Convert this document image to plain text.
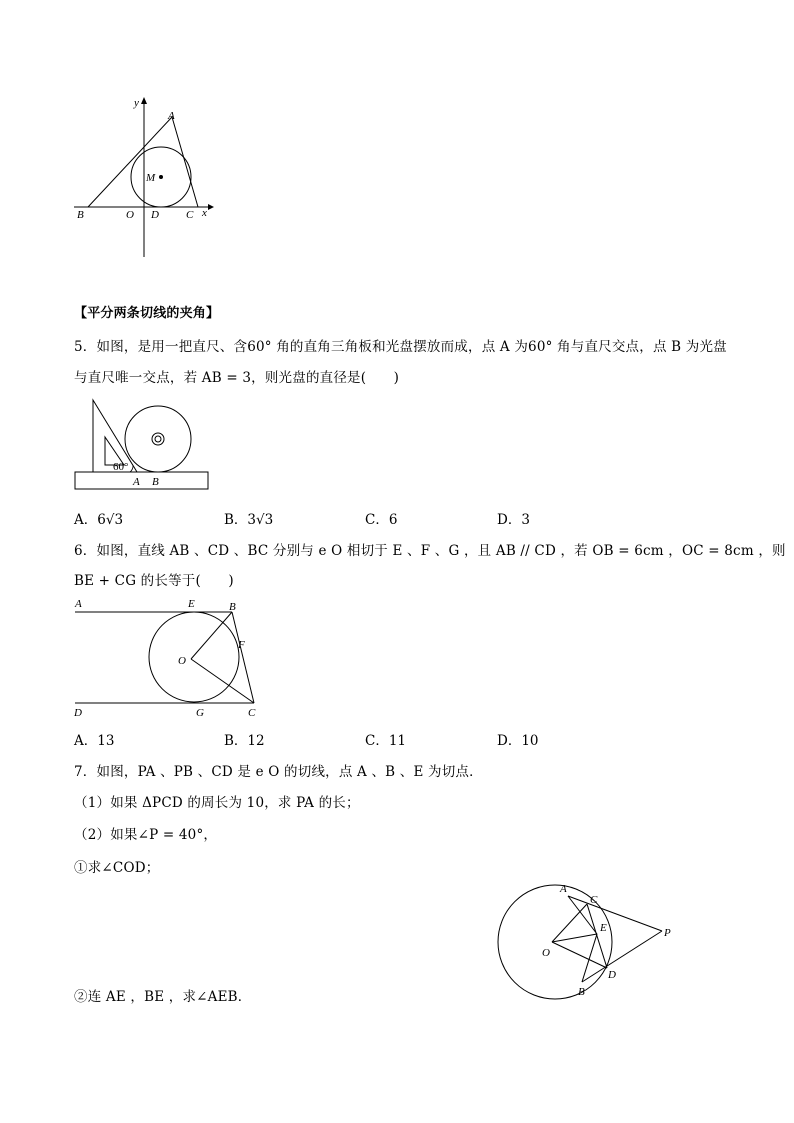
y
A
M
B	O D C x
【平分两条切线的夹角】
5．如图，是用一把直尺、含60° 角的直角三角板和光盘摆放而成，点 A 为60° 角与直尺交点，点 B 为光盘
与直尺唯一交点，若 AB = 3，则光盘的直径是(　　)
60°
A B
A．6√3	B．3√3	C．6	D．3
6．如图，直线 AB 、CD 、BC 分别与 e O 相切于 E 、F 、G ，且 AB // CD ，若 OB = 6cm ，OC = 8cm ，则
BE + CG 的长等于(　　)
A	E	B
O
F
D	G	C
A．13	B．12	C．11	D．10
7．如图，PA 、PB 、CD 是 e O 的切线，点 A 、B 、E 为切点．
（1）如果 ΔPCD 的周长为 10，求 PA 的长；
（2）如果∠P = 40°，
①求∠COD；
②连 AE ，BE ，求∠AEB．
A
C
E	P
O
D
B
